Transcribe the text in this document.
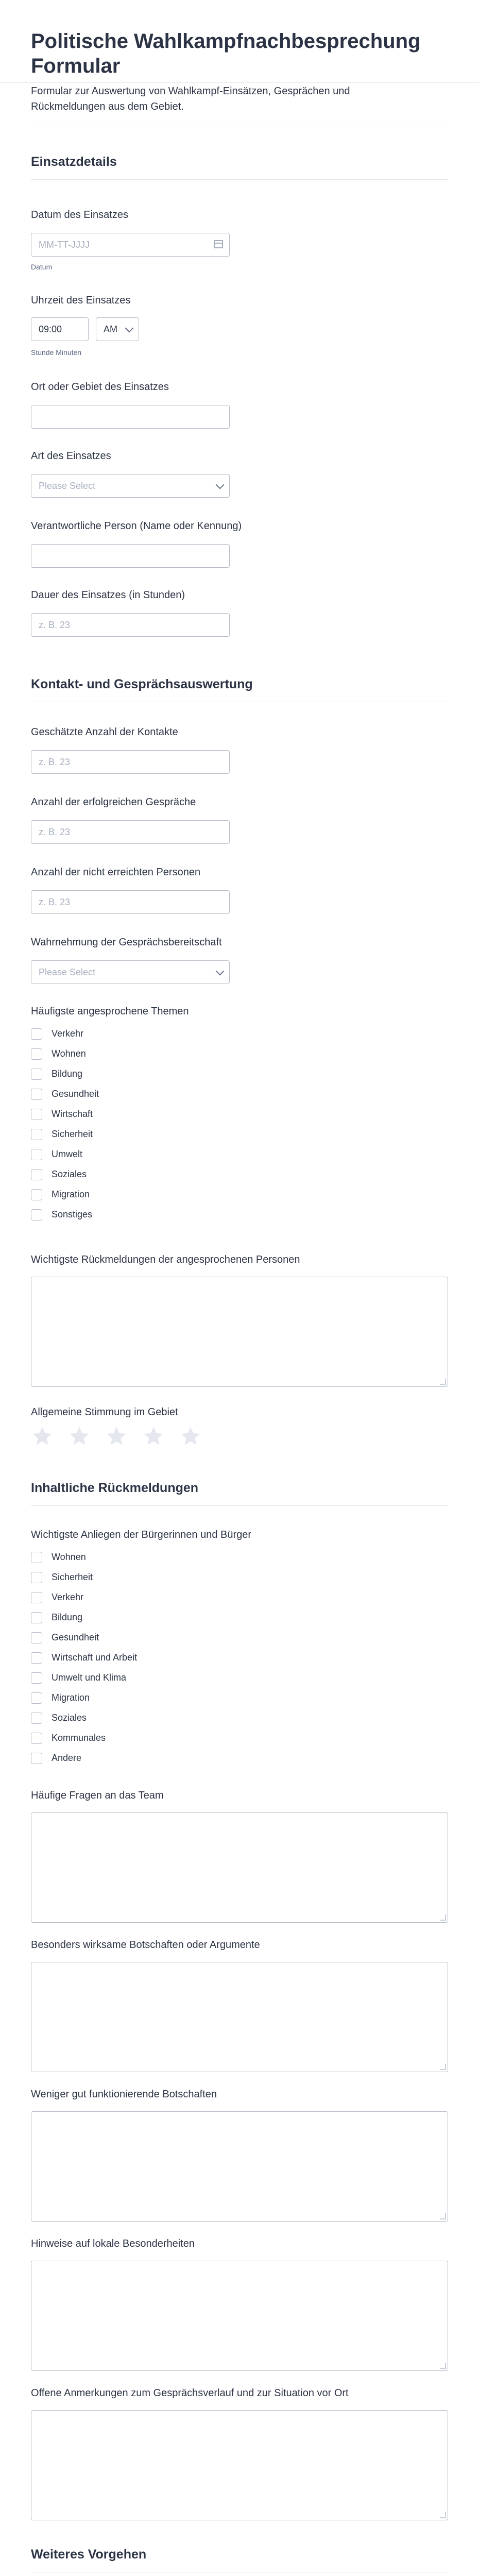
Politische Wahlkampfnachbesprechung Formular
Formular zur Auswertung von Wahlkampf-Einsätzen, Gesprächen und Rückmeldungen aus dem Gebiet.
Einsatzdetails
Datum des Einsatzes
MM-TT-JJJJ
Datum
Uhrzeit des Einsatzes
09:00	AM
Stunde Minuten
Ort oder Gebiet des Einsatzes
Art des Einsatzes
Please Select
Verantwortliche Person (Name oder Kennung)
Dauer des Einsatzes (in Stunden)
z. B. 23
Kontakt- und Gesprächsauswertung
Geschätzte Anzahl der Kontakte
z. B. 23
Anzahl der erfolgreichen Gespräche
z. B. 23
Anzahl der nicht erreichten Personen
z. B. 23
Wahrnehmung der Gesprächsbereitschaft
Please Select
Häufigste angesprochene Themen
Verkehr
Wohnen
Bildung
Gesundheit
Wirtschaft
Sicherheit
Umwelt
Soziales
Migration
Sonstiges
Wichtigste Rückmeldungen der angesprochenen Personen
Allgemeine Stimmung im Gebiet
Inhaltliche Rückmeldungen
Wichtigste Anliegen der Bürgerinnen und Bürger
Wohnen
Sicherheit
Verkehr
Bildung
Gesundheit
Wirtschaft und Arbeit
Umwelt und Klima
Migration
Soziales
Kommunales
Andere
Häufige Fragen an das Team
Besonders wirksame Botschaften oder Argumente
Weniger gut funktionierende Botschaften
Hinweise auf lokale Besonderheiten
Offene Anmerkungen zum Gesprächsverlauf und zur Situation vor Ort
Weiteres Vorgehen
